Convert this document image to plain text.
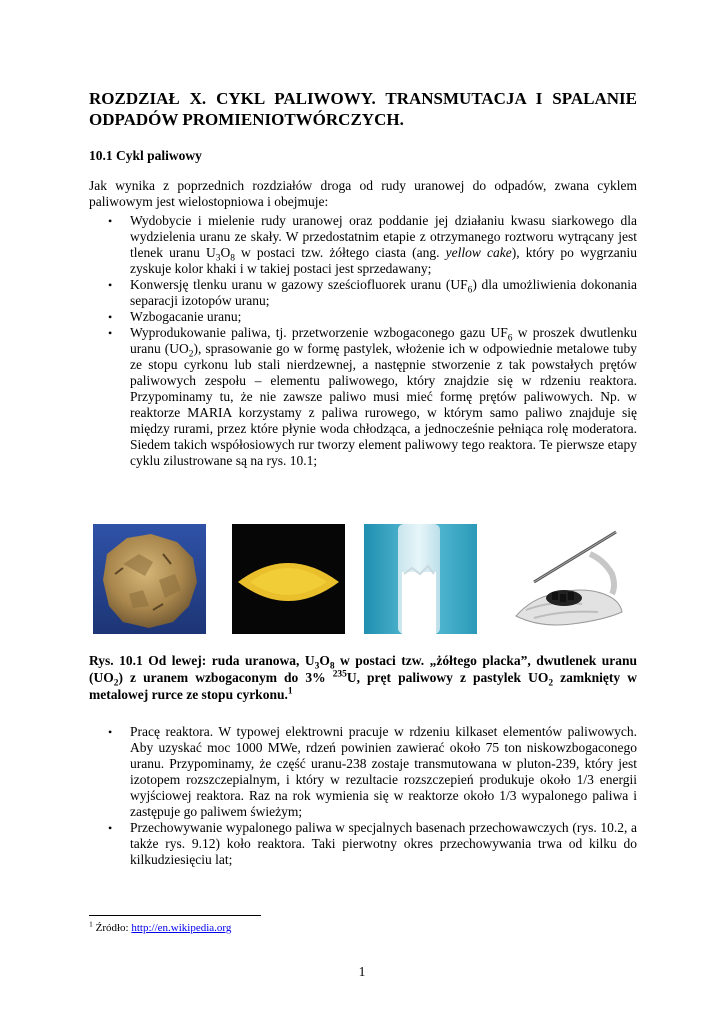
ROZDZIAŁ X. CYKL PALIWOWY. TRANSMUTACJA I SPALANIE ODPADÓW PROMIENIOTWÓRCZYCH.
10.1 Cykl paliwowy

Jak wynika z poprzednich rozdziałów droga od rudy uranowej do odpadów, zwana cyklem paliwowym jest wielostopniowa i obejmuje:

• Wydobycie i mielenie rudy uranowej oraz poddanie jej działaniu kwasu siarkowego dla wydzielenia uranu ze skały. W przedostatnim etapie z otrzymanego roztworu wytrącany jest tlenek uranu $U_3O_8$ w postaci tzw. żółtego ciasta (ang. yellow cake), który po wygrzaniu zyskuje kolor khaki i w takiej postaci jest sprzedawany;
• Konwersję tlenku uranu w gazowy sześciofluorek uranu $(UF_6)$ dla umożliwienia dokonania separacji izotopów uranu;
• Wzbogacanie uranu;
• Wyprodukowanie paliwa, tj. przetworzenie wzbogaconego gazu $UF_6$ w proszek dwutlenku uranu $(UO_2)$, sprasowanie go w formę pastylek, włożenie ich w odpowiednie metalowe tuby ze stopu cyrkonu lub stali nierdzewnej, a następnie stworzenie z tak powstałych prętów paliwowych zespołu – elementu paliwowego, który znajdzie się w rdzeniu reaktora. Przypominamy tu, że nie zawsze paliwo musi mieć formę prętów paliwowych. Np. w reaktorze MARIA korzystamy z paliwa rurowego, w którym samo paliwo znajduje się między rurami, przez które płynie woda chłodząca, a jednocześnie pełniąca rolę moderatora. Siedem takich współosiowych rur tworzy element paliwowy tego reaktora. Te pierwsze etapy cyklu zilustrowane są na rys. 10.1;

Rys. 10.1 Od lewej: ruda uranowa, $U_3O_8$ w postaci tzw. „żółtego placka”, dwutlenek uranu $(UO_2)$ z uranem wzbogaconym do 3% $^{235}$U, pręt paliwowy z pastylek $UO_2$ zamknięty w metalowej rurce ze stopu cyrkonu.$^1$

• Pracę reaktora. W typowej elektrowni pracuje w rdzeniu kilkaset elementów paliwowych. Aby uzyskać moc 1000 MWe, rdzeń powinien zawierać około 75 ton niskowzbogaconego uranu. Przypominamy, że część uranu-238 zostaje transmutowana w pluton-239, który jest izotopem rozszczepialnym, i który w rezultacie rozszczepień produkuje około 1/3 energii wyjściowej reaktora. Raz na rok wymienia się w reaktorze około 1/3 wypalonego paliwa i zastępuje go paliwem świeżym;
• Przechowywanie wypalonego paliwa w specjalnych basenach przechowawczych (rys. 10.2, a także rys. 9.12) koło reaktora. Taki pierwotny okres przechowywania trwa od kilku do kilkudziesięciu lat;
$^1$ Źródło: http://en.wikipedia.org
1
